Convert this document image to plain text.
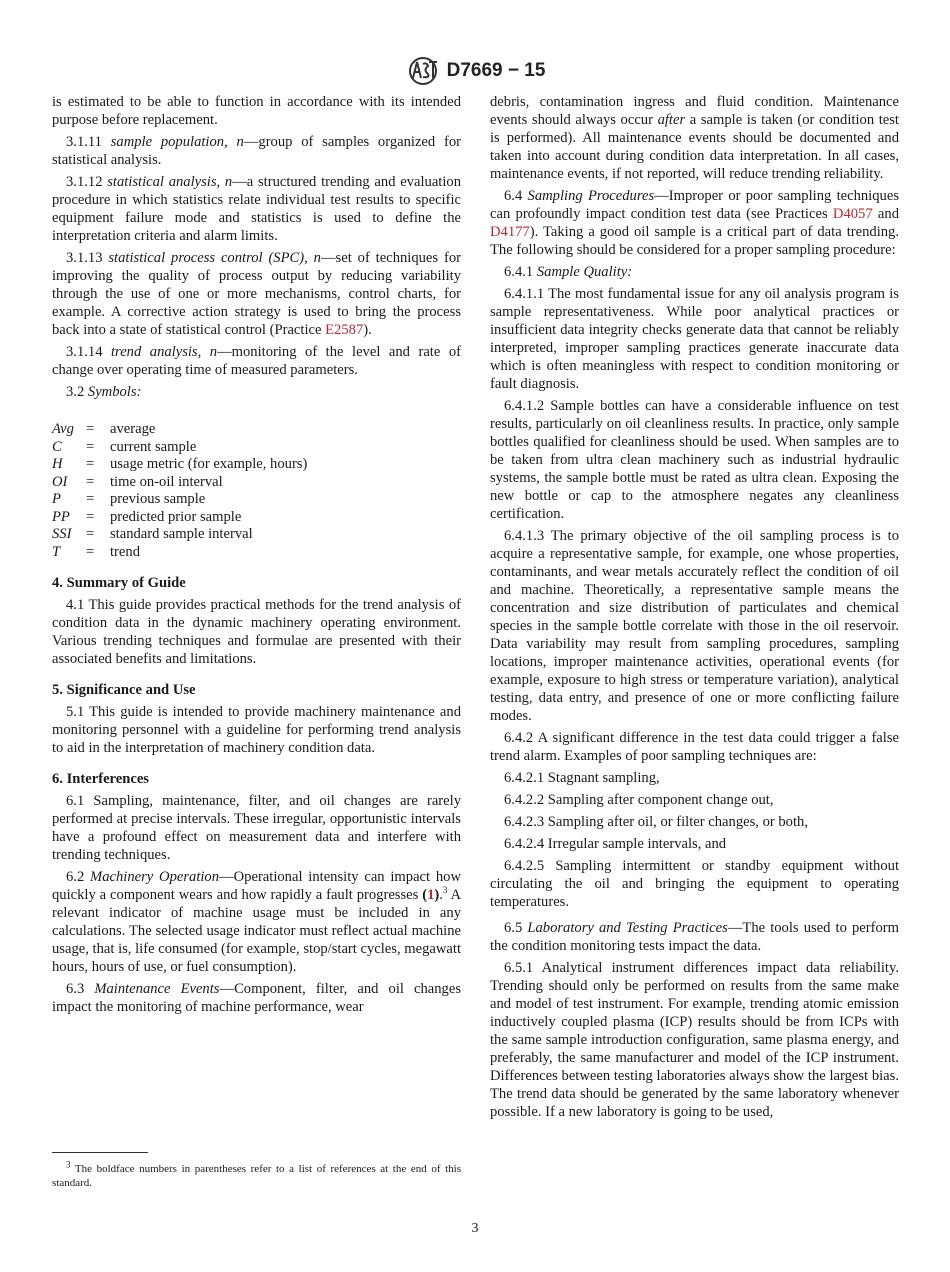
D7669 − 15

is estimated to be able to function in accordance with its intended purpose before replacement.

3.1.11 sample population, n—group of samples organized for statistical analysis.

3.1.12 statistical analysis, n—a structured trending and evaluation procedure in which statistics relate individual test results to specific equipment failure mode and statistics is used to define the interpretation criteria and alarm limits.

3.1.13 statistical process control (SPC), n—set of techniques for improving the quality of process output by reducing variability through the use of one or more mechanisms, control charts, for example. A corrective action strategy is used to bring the process back into a state of statistical control (Practice E2587).

3.1.14 trend analysis, n—monitoring of the level and rate of change over operating time of measured parameters.

3.2 Symbols:

Avg	=	average
C	=	current sample
H	=	usage metric (for example, hours)
OI	=	time on-oil interval
P	=	previous sample
PP	=	predicted prior sample
SSI	=	standard sample interval
T	=	trend
4. Summary of Guide

4.1 This guide provides practical methods for the trend analysis of condition data in the dynamic machinery operating environment. Various trending techniques and formulae are presented with their associated benefits and limitations.

5. Significance and Use

5.1 This guide is intended to provide machinery maintenance and monitoring personnel with a guideline for performing trend analysis to aid in the interpretation of machinery condition data.

6. Interferences

6.1 Sampling, maintenance, filter, and oil changes are rarely performed at precise intervals. These irregular, opportunistic intervals have a profound effect on measurement data and interfere with trending techniques.

6.2 Machinery Operation—Operational intensity can impact how quickly a component wears and how rapidly a fault progresses (1).$^3$ A relevant indicator of machine usage must be included in any calculations. The selected usage indicator must reflect actual machine usage, that is, life consumed (for example, stop/start cycles, megawatt hours, hours of use, or fuel consumption).

6.3 Maintenance Events—Component, filter, and oil changes impact the monitoring of machine performance, wear

debris, contamination ingress and fluid condition. Maintenance events should always occur after a sample is taken (or condition test is performed). All maintenance events should be documented and taken into account during condition data interpretation. In all cases, maintenance events, if not reported, will reduce trending reliability.

6.4 Sampling Procedures—Improper or poor sampling techniques can profoundly impact condition test data (see Practices D4057 and D4177). Taking a good oil sample is a critical part of data trending. The following should be considered for a proper sampling procedure:

6.4.1 Sample Quality:

6.4.1.1 The most fundamental issue for any oil analysis program is sample representativeness. While poor analytical practices or insufficient data integrity checks generate data that cannot be reliably interpreted, improper sampling practices generate inaccurate data which is often meaningless with respect to condition monitoring or fault diagnosis.

6.4.1.2 Sample bottles can have a considerable influence on test results, particularly on oil cleanliness results. In practice, only sample bottles qualified for cleanliness should be used. When samples are to be taken from ultra clean machinery such as industrial hydraulic systems, the sample bottle must be rated as ultra clean. Exposing the new bottle or cap to the atmosphere negates any cleanliness certification.

6.4.1.3 The primary objective of the oil sampling process is to acquire a representative sample, for example, one whose properties, contaminants, and wear metals accurately reflect the condition of oil and machine. Theoretically, a representative sample means the concentration and size distribution of particulates and chemical species in the sample bottle correlate with those in the oil reservoir. Data variability may result from sampling procedures, sampling locations, improper maintenance activities, operational events (for example, exposure to high stress or temperature variation), analytical testing, data entry, and presence of one or more conflicting failure modes.

6.4.2 A significant difference in the test data could trigger a false trend alarm. Examples of poor sampling techniques are:

6.4.2.1 Stagnant sampling,

6.4.2.2 Sampling after component change out,

6.4.2.3 Sampling after oil, or filter changes, or both,

6.4.2.4 Irregular sample intervals, and

6.4.2.5 Sampling intermittent or standby equipment without circulating the oil and bringing the equipment to operating temperatures.

6.5 Laboratory and Testing Practices—The tools used to perform the condition monitoring tests impact the data.

6.5.1 Analytical instrument differences impact data reliability. Trending should only be performed on results from the same make and model of test instrument. For example, trending atomic emission inductively coupled plasma (ICP) results should be from ICPs with the same sample introduction configuration, same plasma energy, and preferably, the same manufacturer and model of the ICP instrument. Differences between testing laboratories always show the largest bias. The trend data should be generated by the same laboratory whenever possible. If a new laboratory is going to be used,

$^3$ The boldface numbers in parentheses refer to a list of references at the end of this standard.
3
